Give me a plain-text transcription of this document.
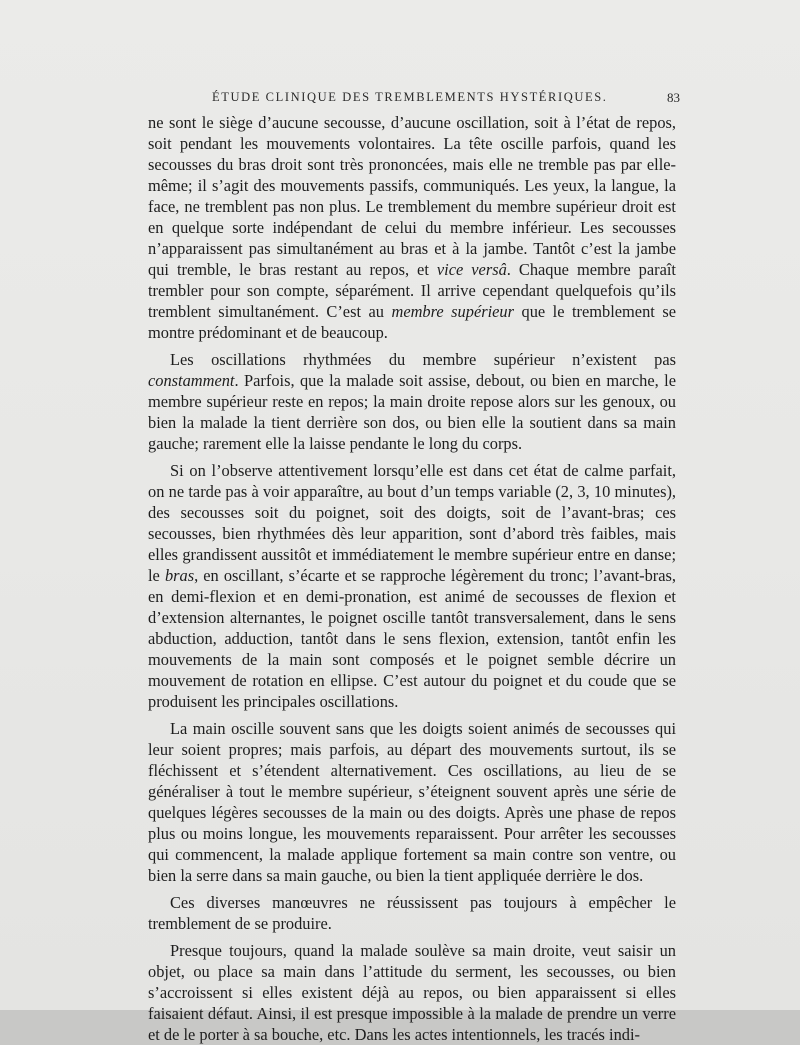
ÉTUDE CLINIQUE DES TREMBLEMENTS HYSTÉRIQUES.	83

ne sont le siège d’aucune secousse, d’aucune oscillation, soit à l’état de repos, soit pendant les mouvements volontaires. La tête oscille parfois, quand les secousses du bras droit sont très prononcées, mais elle ne tremble pas par elle-même; il s’agit des mouvements passifs, communiqués. Les yeux, la langue, la face, ne tremblent pas non plus. Le tremblement du membre supérieur droit est en quelque sorte indépendant de celui du membre inférieur. Les secousses n’apparaissent pas simultanément au bras et à la jambe. Tantôt c’est la jambe qui tremble, le bras restant au repos, et vice versâ. Chaque membre paraît trembler pour son compte, séparément. Il arrive cependant quelquefois qu’ils tremblent simultanément. C’est au membre supérieur que le tremblement se montre prédominant et de beaucoup.

Les oscillations rhythmées du membre supérieur n’existent pas constamment. Parfois, que la malade soit assise, debout, ou bien en marche, le membre supérieur reste en repos; la main droite repose alors sur les genoux, ou bien la malade la tient derrière son dos, ou bien elle la soutient dans sa main gauche; rarement elle la laisse pendante le long du corps.

Si on l’observe attentivement lorsqu’elle est dans cet état de calme parfait, on ne tarde pas à voir apparaître, au bout d’un temps variable (2, 3, 10 minutes), des secousses soit du poignet, soit des doigts, soit de l’avant-bras; ces secousses, bien rhythmées dès leur apparition, sont d’abord très faibles, mais elles grandissent aussitôt et immédiatement le membre supérieur entre en danse; le bras, en oscillant, s’écarte et se rapproche légèrement du tronc; l’avant-bras, en demi-flexion et en demi-pronation, est animé de secousses de flexion et d’extension alternantes, le poignet oscille tantôt transversalement, dans le sens abduction, adduction, tantôt dans le sens flexion, extension, tantôt enfin les mouvements de la main sont composés et le poignet semble décrire un mouvement de rotation en ellipse. C’est autour du poignet et du coude que se produisent les principales oscillations.

La main oscille souvent sans que les doigts soient animés de secousses qui leur soient propres; mais parfois, au départ des mouvements surtout, ils se fléchissent et s’étendent alternativement. Ces oscillations, au lieu de se généraliser à tout le membre supérieur, s’éteignent souvent après une série de quelques légères secousses de la main ou des doigts. Après une phase de repos plus ou moins longue, les mouvements reparaissent. Pour arrêter les secousses qui commencent, la malade applique fortement sa main contre son ventre, ou bien la serre dans sa main gauche, ou bien la tient appliquée derrière le dos.

Ces diverses manœuvres ne réussissent pas toujours à empêcher le tremblement de se produire.

Presque toujours, quand la malade soulève sa main droite, veut saisir un objet, ou place sa main dans l’attitude du serment, les secousses, ou bien s’accroissent si elles existent déjà au repos, ou bien apparaissent si elles faisaient défaut. Ainsi, il est presque impossible à la malade de prendre un verre et de le porter à sa bouche, etc. Dans les actes intentionnels, les tracés indi-
